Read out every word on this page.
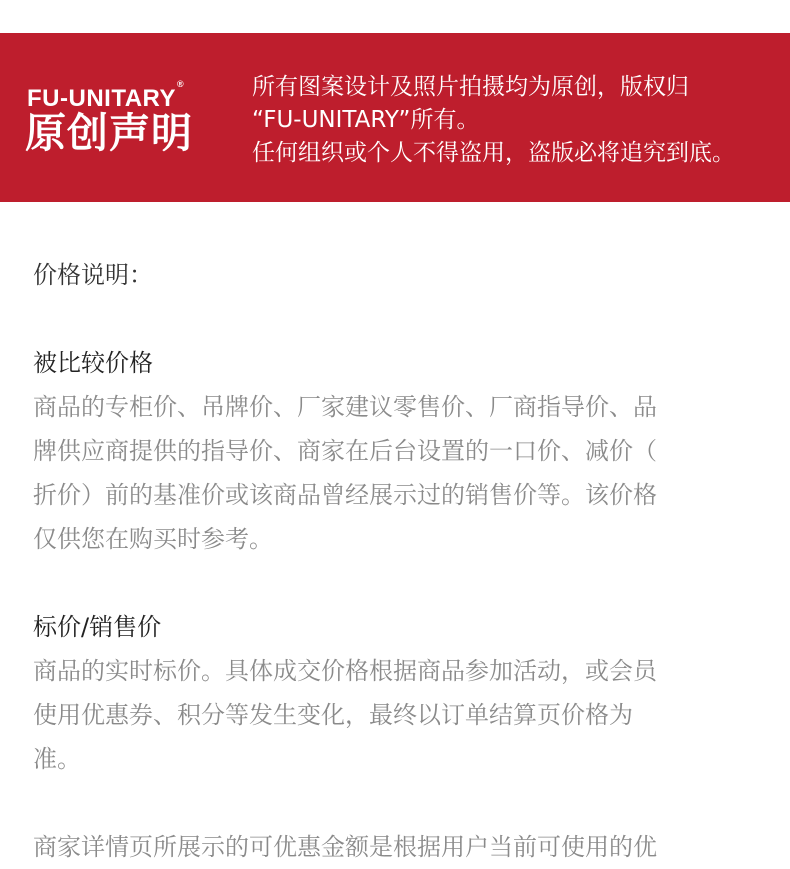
FU-UNITARY®
原创声明
所有图案设计及照片拍摄均为原创，版权归
“FU-UNITARY”所有。
任何组织或个人不得盗用，盗版必将追究到底。
价格说明：
被比较价格
商品的专柜价、吊牌价、厂家建议零售价、厂商指导价、品
牌供应商提供的指导价、商家在后台设置的一口价、减价（
折价）前的基准价或该商品曾经展示过的销售价等。该价格
仅供您在购买时参考。
标价/销售价
商品的实时标价。具体成交价格根据商品参加活动，或会员
使用优惠券、积分等发生变化，最终以订单结算页价格为
准。
商家详情页所展示的可优惠金额是根据用户当前可使用的优
